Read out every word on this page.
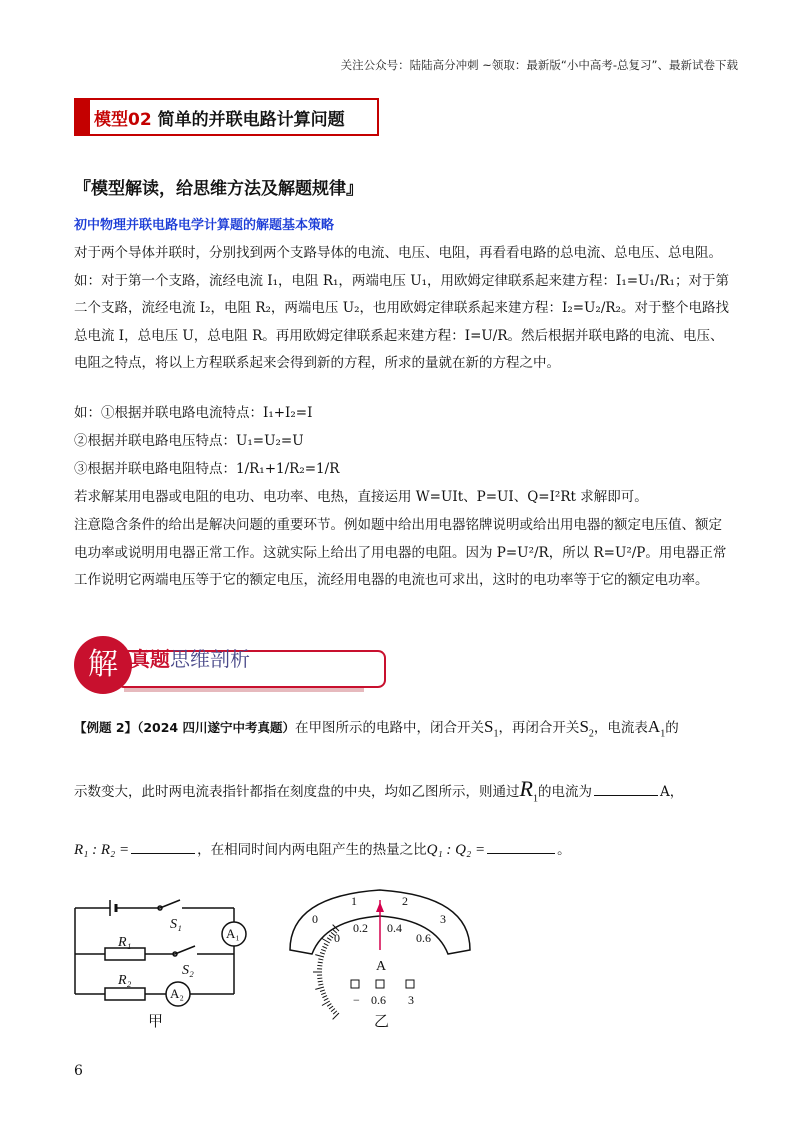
关注公众号：陆陆高分冲刺 ~领取：最新版“小中高考-总复习”、最新试卷下载
模型02 简单的并联电路计算问题
『模型解读，给思维方法及解题规律』
初中物理并联电路电学计算题的解题基本策略
对于两个导体并联时，分别找到两个支路导体的电流、电压、电阻，再看看电路的总电流、总电压、总电阻。如：对于第一个支路，流经电流 I₁，电阻 R₁，两端电压 U₁，用欧姆定律联系起来建方程：I₁=U₁/R₁；对于第二个支路，流经电流 I₂，电阻 R₂，两端电压 U₂，也用欧姆定律联系起来建方程：I₂=U₂/R₂。对于整个电路找总电流 I，总电压 U，总电阻 R。再用欧姆定律联系起来建方程：I=U/R。然后根据并联电路的电流、电压、电阻之特点，将以上方程联系起来会得到新的方程，所求的量就在新的方程之中。
如：①根据并联电路电流特点：I₁+I₂=I
②根据并联电路电压特点：U₁=U₂=U
③根据并联电路电阻特点：1/R₁+1/R₂=1/R
若求解某用电器或电阻的电功、电功率、电热，直接运用 W=UIt、P=UI、Q=I²Rt 求解即可。
注意隐含条件的给出是解决问题的重要环节。例如题中给出用电器铭牌说明或给出用电器的额定电压值、额定电功率或说明用电器正常工作。这就实际上给出了用电器的电阻。因为 P=U²/R，所以 R=U²/P。用电器正常工作说明它两端电压等于它的额定电压，流经用电器的电流也可求出，这时的电功率等于它的额定电功率。
解 真题思维剖析
【例题 2】（2024 四川遂宁中考真题）在甲图所示的电路中，闭合开关$S_1$，再闭合开关$S_2$，电流表$A_1$的
示数变大，此时两电流表指针都指在刻度盘的中央，均如乙图所示，则通过$R_1$的电流为	A，
R₁ : R₂ =	，在相同时间内两电阻产生的热量之比Q₁ : Q₂ =	。
S₁
R₁
A₁
S₂
R₂
A₂
甲
0
1	2
3
0
0.2 0.4
0.6
A
− 0.6 3
乙
6
